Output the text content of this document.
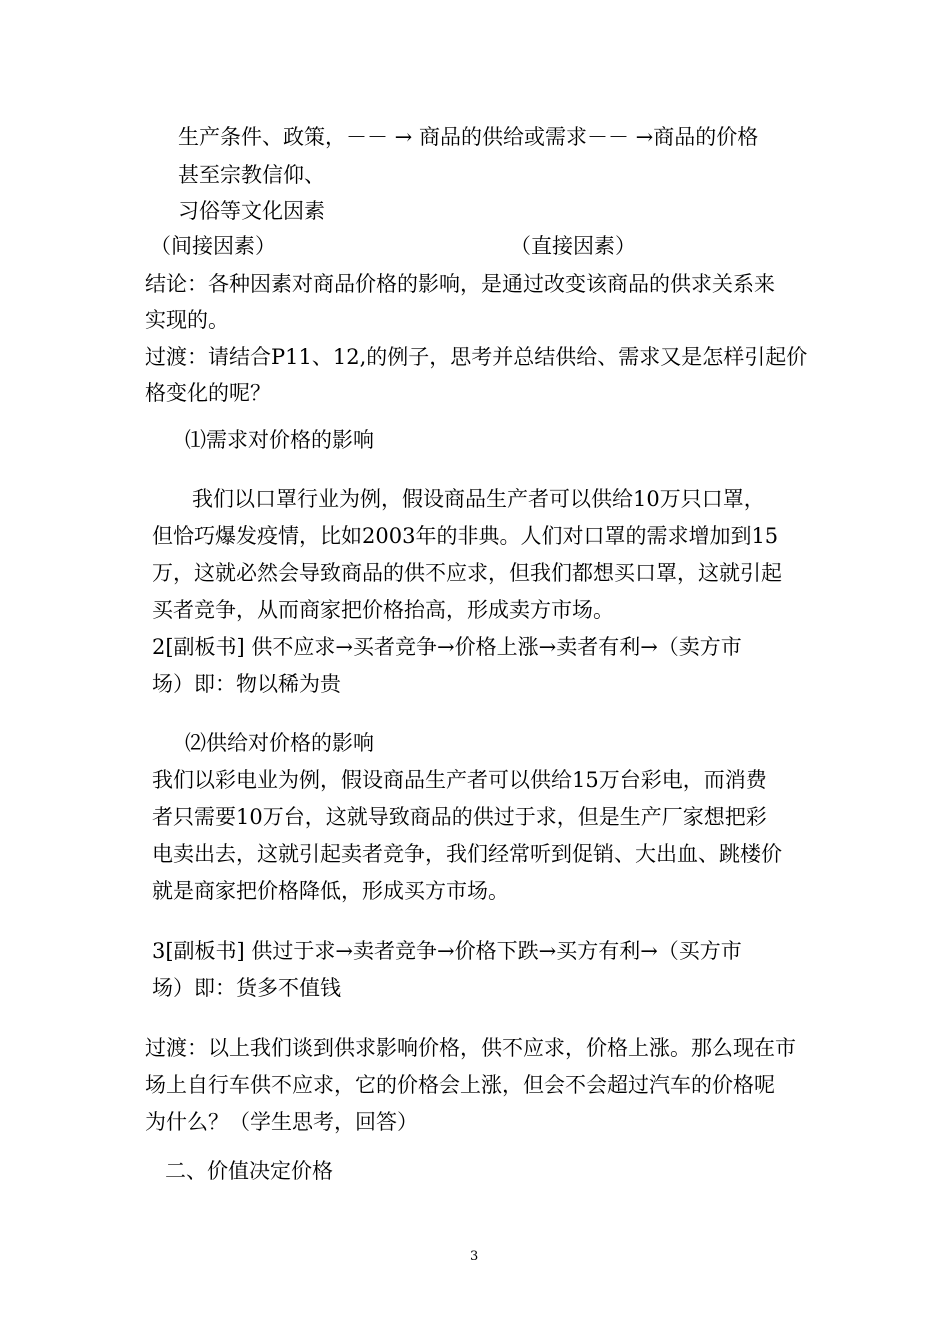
生产条件、政策，－－ → 商品的供给或需求－－ →商品的价格
甚至宗教信仰、
习俗等文化因素
（间接因素）	（直接因素）
结论：各种因素对商品价格的影响，是通过改变该商品的供求关系来
实现的。
过渡：请结合P11、12,的例子，思考并总结供给、需求又是怎样引起价
格变化的呢？
⑴需求对价格的影响
我们以口罩行业为例，假设商品生产者可以供给10万只口罩，
但恰巧爆发疫情，比如2003年的非典。人们对口罩的需求增加到15
万，这就必然会导致商品的供不应求，但我们都想买口罩，这就引起
买者竞争，从而商家把价格抬高，形成卖方市场。
2[副板书] 供不应求→买者竞争→价格上涨→卖者有利→（卖方市
场）即：物以稀为贵
⑵供给对价格的影响
我们以彩电业为例，假设商品生产者可以供给15万台彩电，而消费
者只需要10万台，这就导致商品的供过于求，但是生产厂家想把彩
电卖出去，这就引起卖者竞争，我们经常听到促销、大出血、跳楼价
就是商家把价格降低，形成买方市场。
3[副板书] 供过于求→卖者竞争→价格下跌→买方有利→（买方市
场）即：货多不值钱
过渡：以上我们谈到供求影响价格，供不应求，价格上涨。那么现在市
场上自行车供不应求，它的价格会上涨，但会不会超过汽车的价格呢
为什么？（学生思考，回答）
二、价值决定价格
3
